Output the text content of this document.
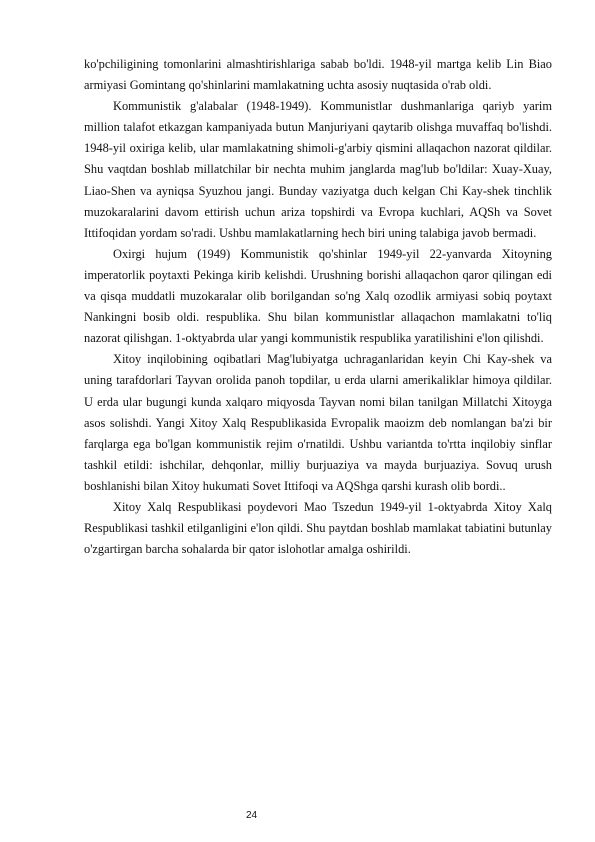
ko'pchiligining tomonlarini almashtirishlariga sabab bo'ldi. 1948-yil martga kelib Lin Biao armiyasi Gomintang qo'shinlarini mamlakatning uchta asosiy nuqtasida o'rab oldi.

Kommunistik g'alabalar (1948-1949). Kommunistlar dushmanlariga qariyb yarim million talafot etkazgan kampaniyada butun Manjuriyani qaytarib olishga muvaffaq bo'lishdi. 1948-yil oxiriga kelib, ular mamlakatning shimoli-g'arbiy qismini allaqachon nazorat qildilar. Shu vaqtdan boshlab millatchilar bir nechta muhim janglarda mag'lub bo'ldilar: Xuay-Xuay, Liao-Shen va ayniqsa Syuzhou jangi. Bunday vaziyatga duch kelgan Chi Kay-shek tinchlik muzokaralarini davom ettirish uchun ariza topshirdi va Evropa kuchlari, AQSh va Sovet Ittifoqidan yordam so'radi. Ushbu mamlakatlarning hech biri uning talabiga javob bermadi.

Oxirgi hujum (1949) Kommunistik qo'shinlar 1949-yil 22-yanvarda Xitoyning imperatorlik poytaxti Pekinga kirib kelishdi. Urushning borishi allaqachon qaror qilingan edi va qisqa muddatli muzokaralar olib borilgandan so'ng Xalq ozodlik armiyasi sobiq poytaxt Nankingni bosib oldi. respublika. Shu bilan kommunistlar allaqachon mamlakatni to'liq nazorat qilishgan. 1-oktyabrda ular yangi kommunistik respublika yaratilishini e'lon qilishdi.

Xitoy inqilobining oqibatlari Mag'lubiyatga uchraganlaridan keyin Chi Kay-shek va uning tarafdorlari Tayvan orolida panoh topdilar, u erda ularni amerikaliklar himoya qildilar. U erda ular bugungi kunda xalqaro miqyosda Tayvan nomi bilan tanilgan Millatchi Xitoyga asos solishdi. Yangi Xitoy Xalq Respublikasida Evropalik maoizm deb nomlangan ba'zi bir farqlarga ega bo'lgan kommunistik rejim o'rnatildi. Ushbu variantda to'rtta inqilobiy sinflar tashkil etildi: ishchilar, dehqonlar, milliy burjuaziya va mayda burjuaziya. Sovuq urush boshlanishi bilan Xitoy hukumati Sovet Ittifoqi va AQShga qarshi kurash olib bordi..

Xitoy Xalq Respublikasi poydevori Mao Tszedun 1949-yil 1-oktyabrda Xitoy Xalq Respublikasi tashkil etilganligini e'lon qildi. Shu paytdan boshlab mamlakat tabiatini butunlay o'zgartirgan barcha sohalarda bir qator islohotlar amalga oshirildi.

24
